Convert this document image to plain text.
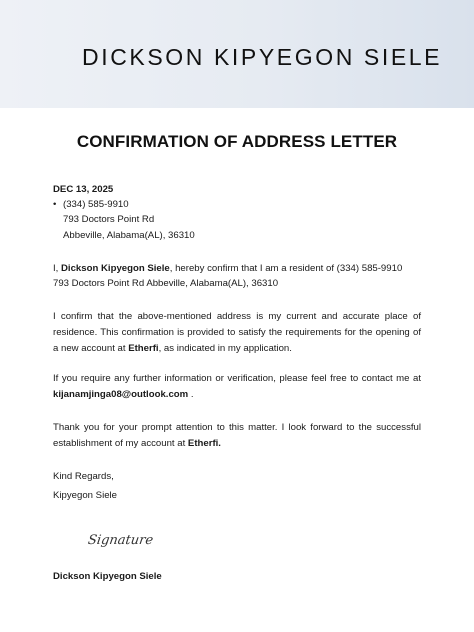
DICKSON KIPYEGON SIELE
CONFIRMATION OF ADDRESS LETTER
DEC 13, 2025
• (334) 585-9910
793 Doctors Point Rd
Abbeville, Alabama(AL), 36310
I, Dickson Kipyegon Siele, hereby confirm that I am a resident of (334) 585-9910
793 Doctors Point Rd Abbeville, Alabama(AL), 36310
I confirm that the above-mentioned address is my current and accurate place of residence. This confirmation is provided to satisfy the requirements for the opening of a new account at Etherfi, as indicated in my application.
If you require any further information or verification, please feel free to contact me at kijanamjinga08@outlook.com .
Thank you for your prompt attention to this matter. I look forward to the successful establishment of my account at Etherfi.
Kind Regards,
Kipyegon Siele
Signature
Dickson Kipyegon Siele
